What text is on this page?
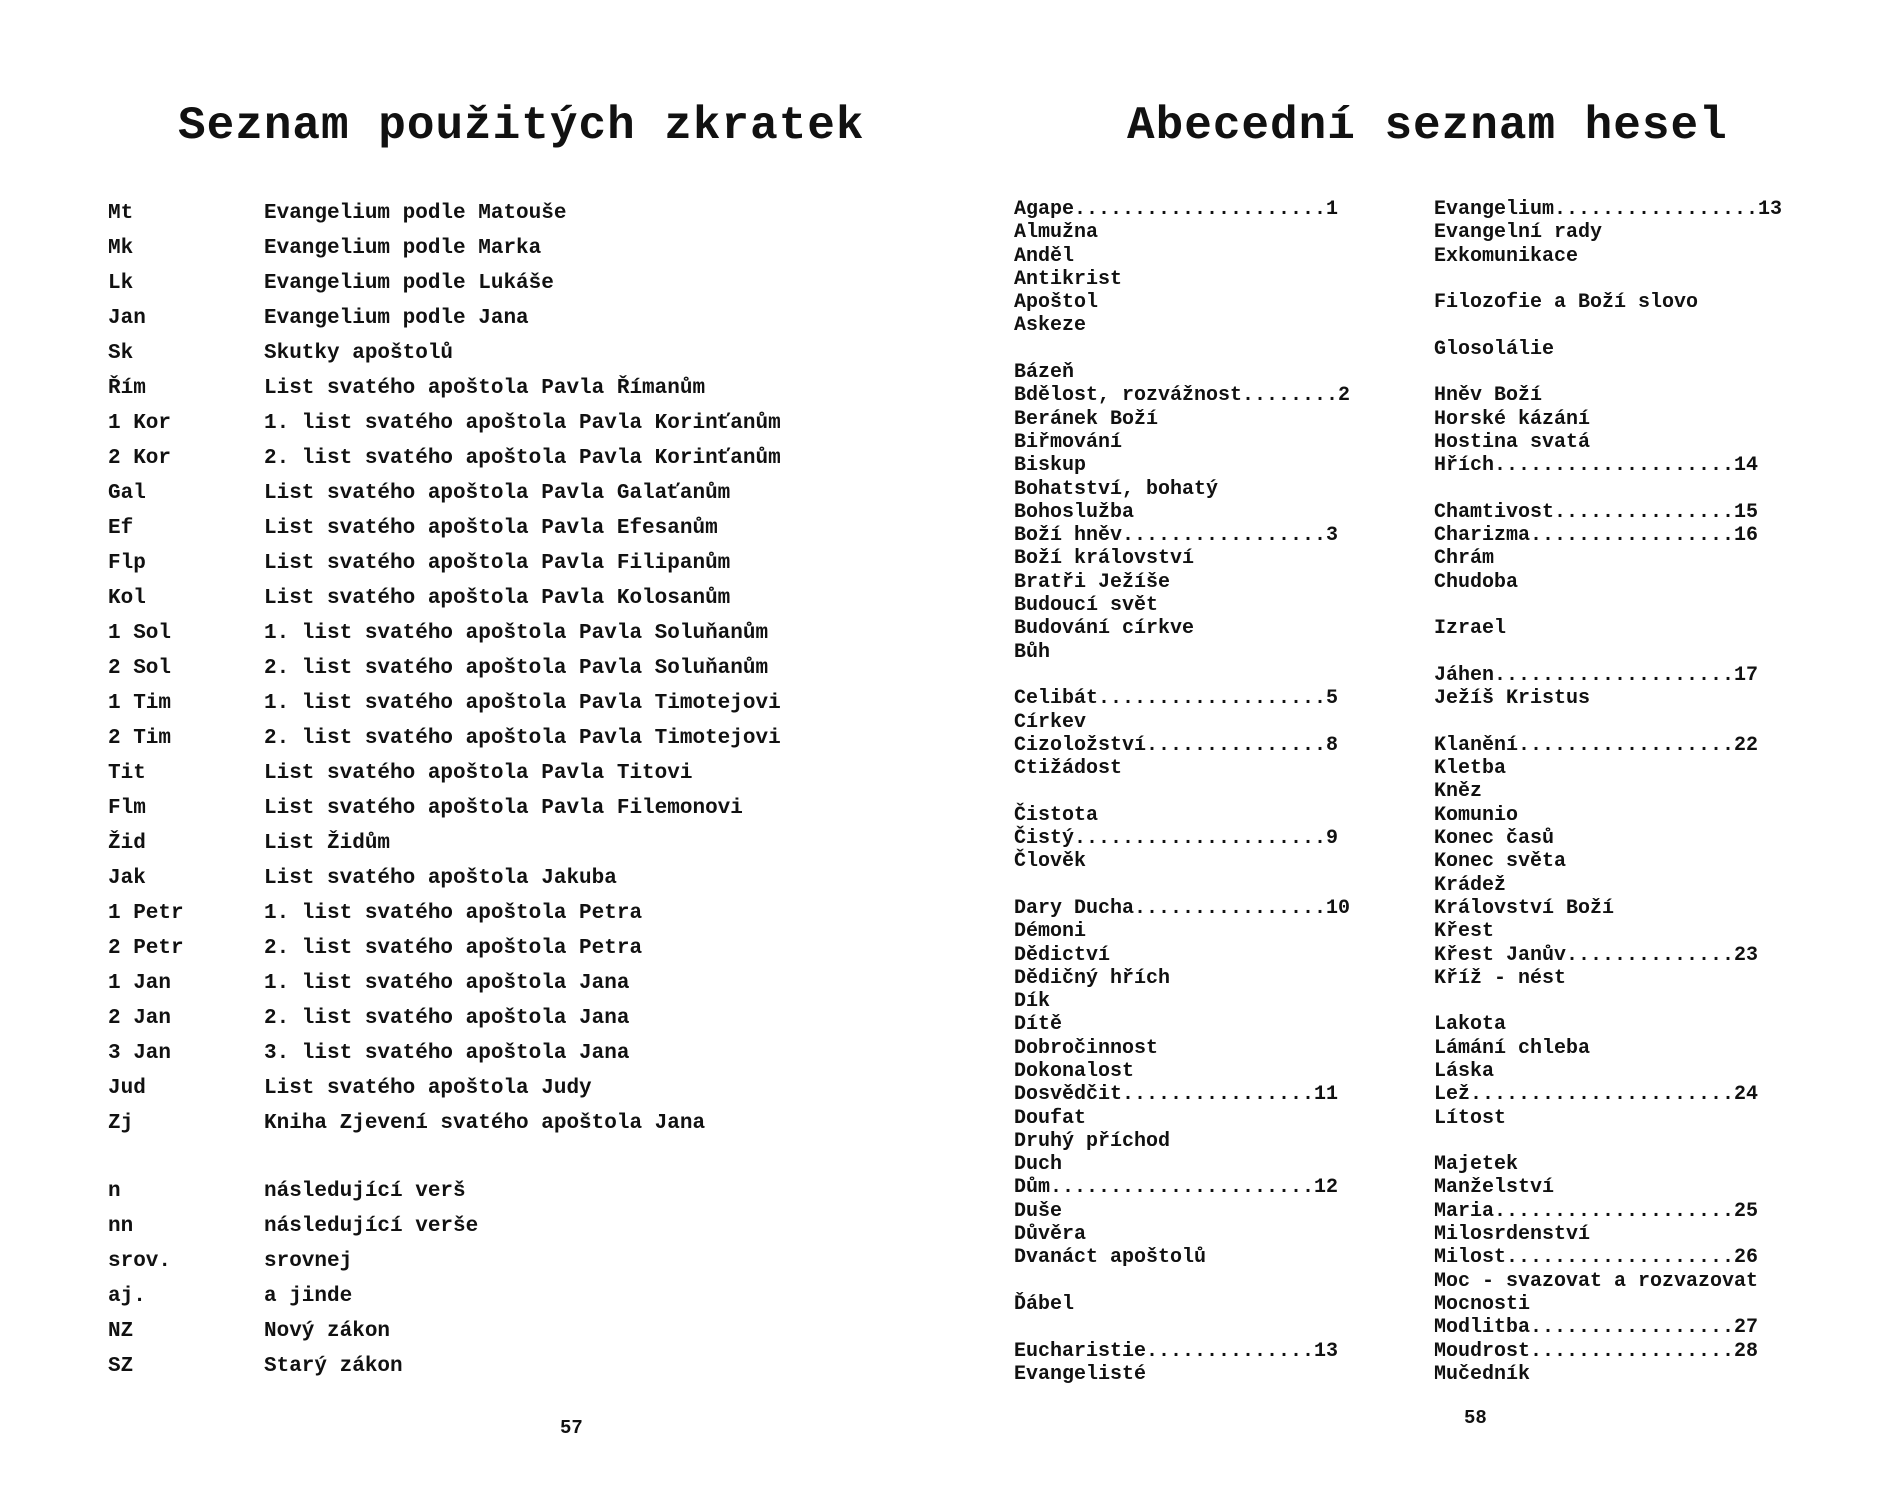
Seznam použitých zkratek
Mt	Evangelium podle Matouše
Mk	Evangelium podle Marka
Lk	Evangelium podle Lukáše
Jan	Evangelium podle Jana
Sk	Skutky apoštolů
Řím	List svatého apoštola Pavla Římanům
1 Kor	1. list svatého apoštola Pavla Korinťanům
2 Kor	2. list svatého apoštola Pavla Korinťanům
Gal	List svatého apoštola Pavla Galaťanům
Ef	List svatého apoštola Pavla Efesanům
Flp	List svatého apoštola Pavla Filipanům
Kol	List svatého apoštola Pavla Kolosanům
1 Sol	1. list svatého apoštola Pavla Soluňanům
2 Sol	2. list svatého apoštola Pavla Soluňanům
1 Tim	1. list svatého apoštola Pavla Timotejovi
2 Tim	2. list svatého apoštola Pavla Timotejovi
Tit	List svatého apoštola Pavla Titovi
Flm	List svatého apoštola Pavla Filemonovi
Žid	List Židům
Jak	List svatého apoštola Jakuba
1 Petr	1. list svatého apoštola Petra
2 Petr	2. list svatého apoštola Petra
1 Jan	1. list svatého apoštola Jana
2 Jan	2. list svatého apoštola Jana
3 Jan	3. list svatého apoštola Jana
Jud	List svatého apoštola Judy
Zj	Kniha Zjevení svatého apoštola Jana
n	následující verš
nn	následující verše
srov.	srovnej
aj.	a jinde
NZ	Nový zákon
SZ	Starý zákon
57
Abecední seznam hesel
Agape.....................1
Almužna
Anděl
Antikrist
Apoštol
Askeze
Bázeň
Bdělost, rozvážnost........2
Beránek Boží
Biřmování
Biskup
Bohatství, bohatý
Bohoslužba
Boží hněv.................3
Boží království
Bratři Ježíše
Budoucí svět
Budování církve
Bůh
Celibát...................5
Církev
Cizoložství...............8
Ctižádost
Čistota
Čistý.....................9
Člověk
Dary Ducha................10
Démoni
Dědictví
Dědičný hřích
Dík
Dítě
Dobročinnost
Dokonalost
Dosvědčit................11
Doufat
Druhý příchod
Duch
Dům......................12
Duše
Důvěra
Dvanáct apoštolů
Ďábel
Eucharistie..............13
Evangelisté
Evangelium.................13
Evangelní rady
Exkomunikace
Filozofie a Boží slovo
Glosolálie
Hněv Boží
Horské kázání
Hostina svatá
Hřích....................14
Chamtivost...............15
Charizma.................16
Chrám
Chudoba
Izrael
Jáhen....................17
Ježíš Kristus
Klanění..................22
Kletba
Kněz
Komunio
Konec časů
Konec světa
Krádež
Království Boží
Křest
Křest Janův..............23
Kříž - nést
Lakota
Lámání chleba
Láska
Lež......................24
Lítost
Majetek
Manželství
Maria....................25
Milosrdenství
Milost...................26
Moc - svazovat a rozvazovat
Mocnosti
Modlitba.................27
Moudrost.................28
Mučedník
58
